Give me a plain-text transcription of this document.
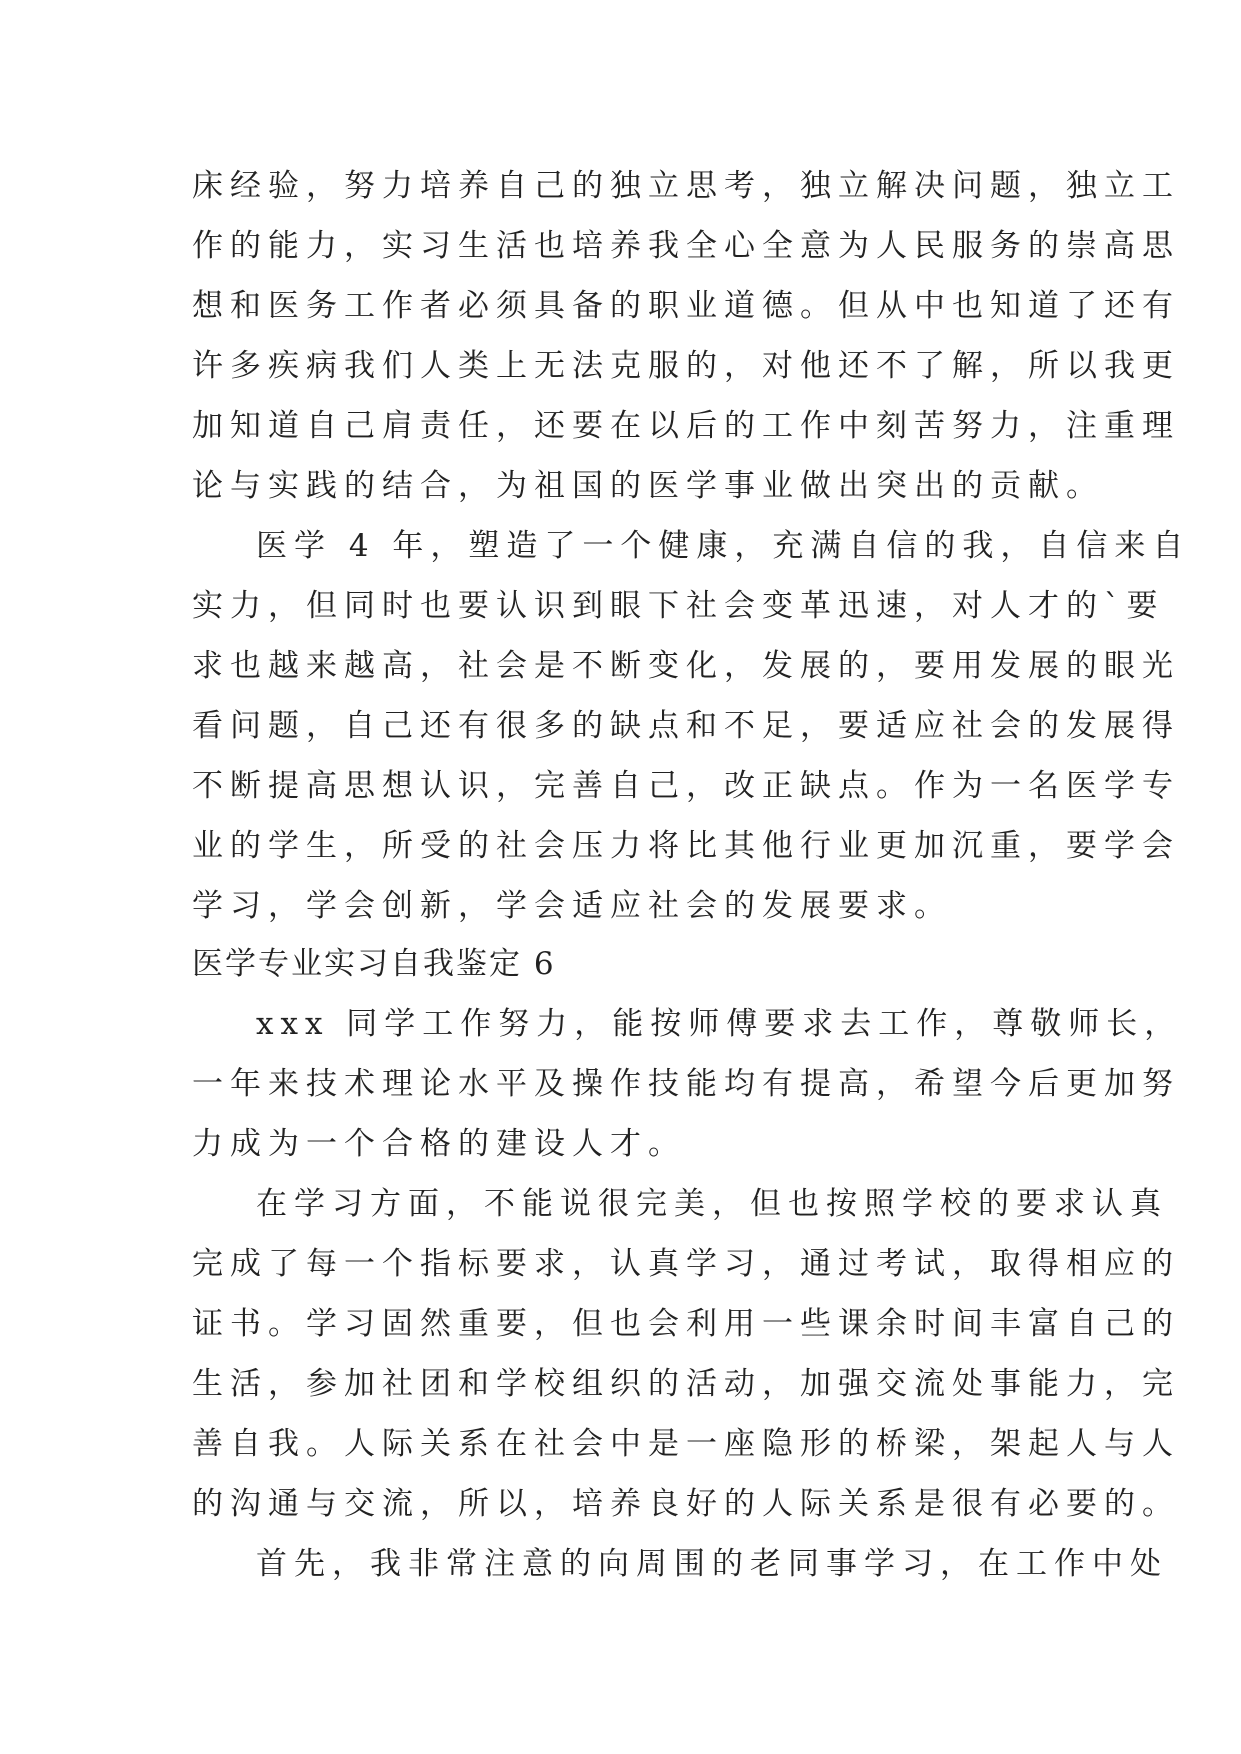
床经验，努力培养自己的独立思考，独立解决问题，独立工
作的能力，实习生活也培养我全心全意为人民服务的崇高思
想和医务工作者必须具备的职业道德。但从中也知道了还有
许多疾病我们人类上无法克服的，对他还不了解，所以我更
加知道自己肩责任，还要在以后的工作中刻苦努力，注重理
论与实践的结合，为祖国的医学事业做出突出的贡献。
医学 4 年，塑造了一个健康，充满自信的我，自信来自
实力，但同时也要认识到眼下社会变革迅速，对人才的`要
求也越来越高，社会是不断变化，发展的，要用发展的眼光
看问题，自己还有很多的缺点和不足，要适应社会的发展得
不断提高思想认识，完善自己，改正缺点。作为一名医学专
业的学生，所受的社会压力将比其他行业更加沉重，要学会
学习，学会创新，学会适应社会的发展要求。
医学专业实习自我鉴定 6
xxx 同学工作努力，能按师傅要求去工作，尊敬师长，
一年来技术理论水平及操作技能均有提高，希望今后更加努
力成为一个合格的建设人才。
在学习方面，不能说很完美，但也按照学校的要求认真
完成了每一个指标要求，认真学习，通过考试，取得相应的
证书。学习固然重要，但也会利用一些课余时间丰富自己的
生活，参加社团和学校组织的活动，加强交流处事能力，完
善自我。人际关系在社会中是一座隐形的桥梁，架起人与人
的沟通与交流，所以，培养良好的人际关系是很有必要的。
首先，我非常注意的向周围的老同事学习，在工作中处
